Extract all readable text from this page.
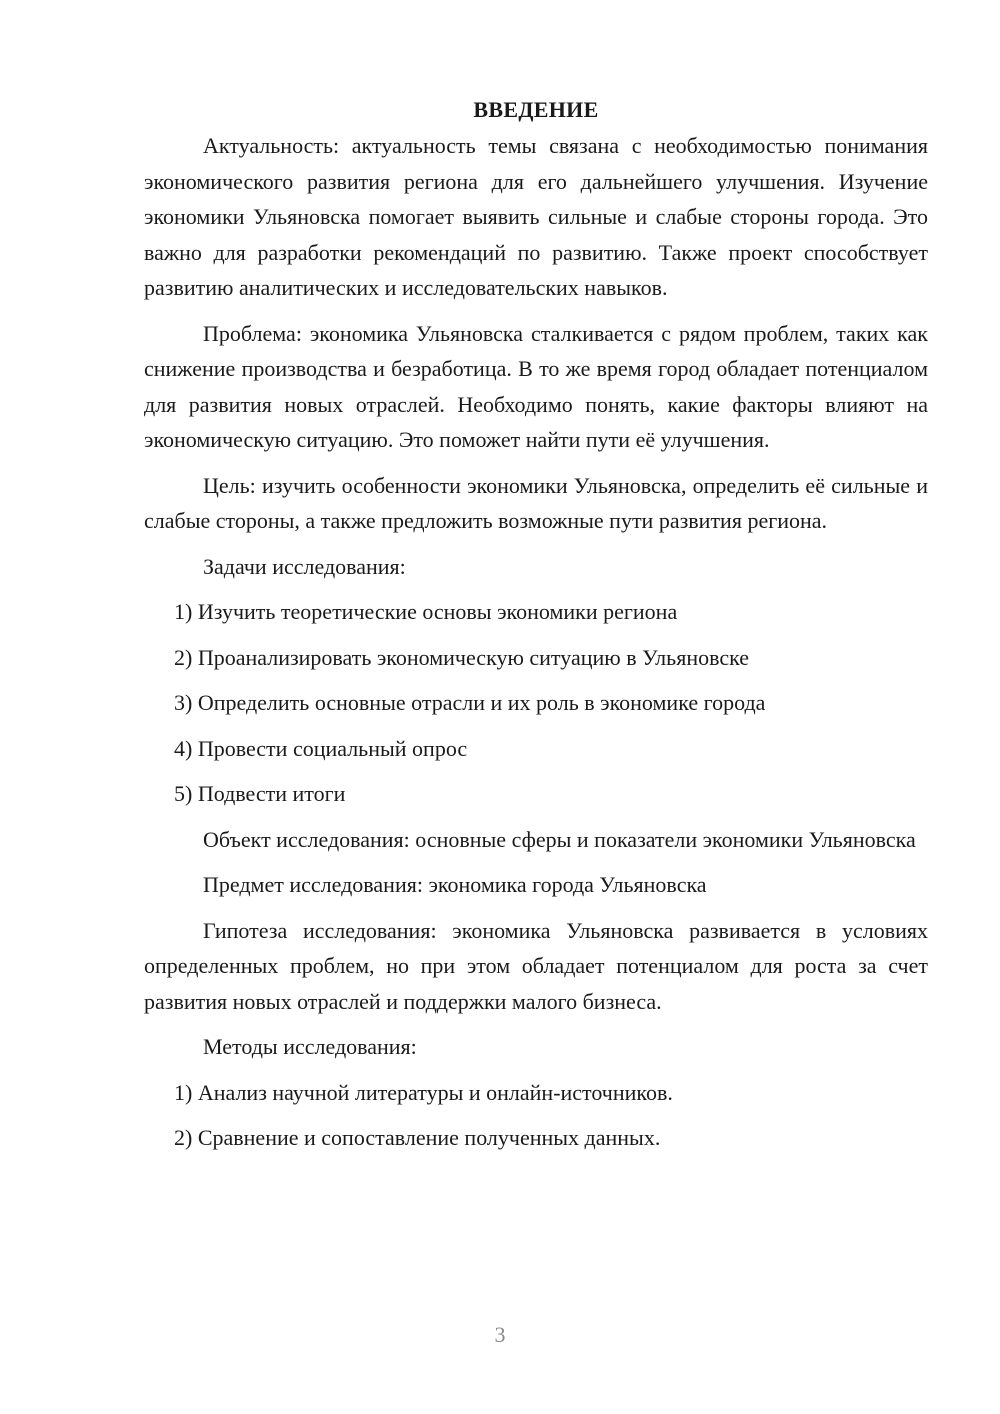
ВВЕДЕНИЕ

Актуальность: актуальность темы связана с необходимостью понимания экономического развития региона для его дальнейшего улучшения. Изучение экономики Ульяновска помогает выявить сильные и слабые стороны города. Это важно для разработки рекомендаций по развитию. Также проект способствует развитию аналитических и исследовательских навыков.

Проблема: экономика Ульяновска сталкивается с рядом проблем, таких как снижение производства и безработица. В то же время город обладает потенциалом для развития новых отраслей. Необходимо понять, какие факторы влияют на экономическую ситуацию. Это поможет найти пути её улучшения.

Цель: изучить особенности экономики Ульяновска, определить её сильные и слабые стороны, а также предложить возможные пути развития региона.

Задачи исследования:

1) Изучить теоретические основы экономики региона

2) Проанализировать экономическую ситуацию в Ульяновске

3) Определить основные отрасли и их роль в экономике города

4) Провести социальный опрос

5) Подвести итоги

Объект исследования: основные сферы и показатели экономики Ульяновска

Предмет исследования: экономика города Ульяновска

Гипотеза исследования: экономика Ульяновска развивается в условиях определенных проблем, но при этом обладает потенциалом для роста за счет развития новых отраслей и поддержки малого бизнеса.

Методы исследования:

1) Анализ научной литературы и онлайн-источников.

2) Сравнение и сопоставление полученных данных.

3
